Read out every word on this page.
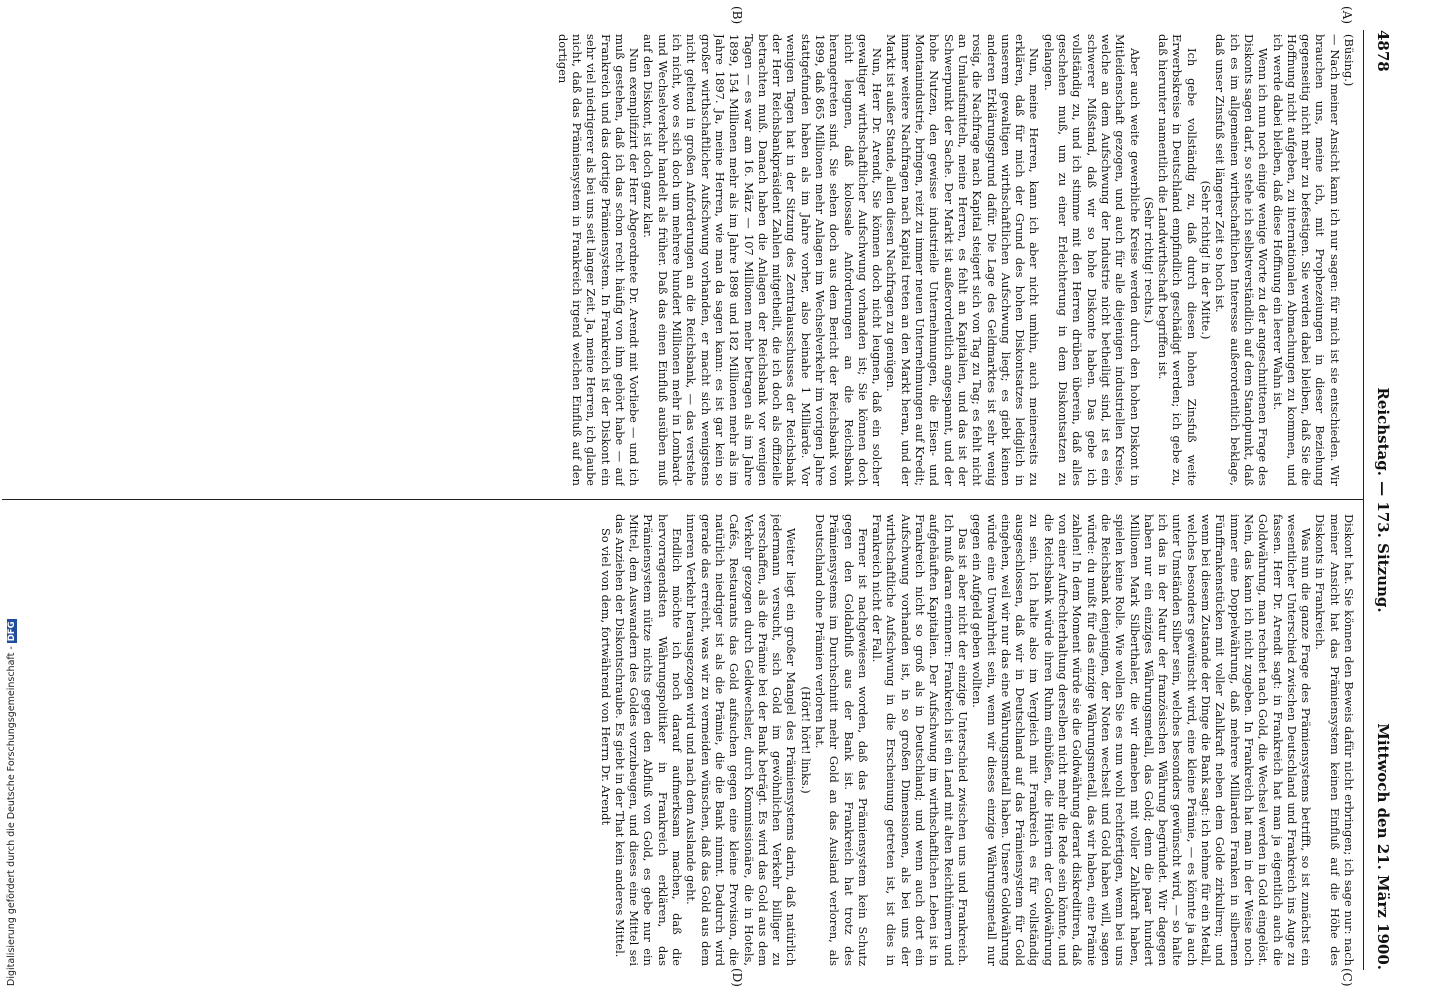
Reichstag. — 173. Sitzung.
4878
Mittwoch den 21. März 1900.
(A)
(B)
(C)
(D)

(Büsing.)

— Nach meiner Ansicht kann ich nur sagen: für mich ist sie entschieden. Wir brauchen uns, meine ich, mit Prophezeiungen in dieser Beziehung gegenseitig nicht mehr zu befestigen. Sie werden dabei bleiben, daß Sie die Hoffnung nicht aufgeben, zu internationalen Abmachungen zu kommen, und ich werde dabei bleiben, daß diese Hoffnung ein leerer Wahn ist.

Wenn ich nun noch einige wenige Worte zu der angeschnittenen Frage des Diskonts sagen darf, so stehe ich selbstverständlich auf dem Standpunkt, daß ich es im allgemeinen wirthschaftlichen Interesse außerordentlich beklage, daß unser Zinsfuß seit längerer Zeit so hoch ist.

(Sehr richtig! in der Mitte.)

Ich gebe vollständig zu, daß durch diesen hohen Zinsfuß weite Erwerbskreise in Deutschland empfindlich geschädigt werden; ich gebe zu, daß hierunter namentlich die Landwirthschaft begriffen ist.

(Sehr richtig! rechts.)

Aber auch weite gewerbliche Kreise werden durch den hohen Diskont in Mitleidenschaft gezogen, und auch für alle diejenigen industriellen Kreise, welche an dem Aufschwung der Industrie nicht betheiligt sind, ist es ein schwerer Mißstand, daß wir so hohe Diskonte haben. Das gebe ich vollständig zu, und ich stimme mit den Herren drüben überein, daß alles geschehen muß, um zu einer Erleichterung in dem Diskontsatzen zu gelangen.

Nun, meine Herren, kann ich aber nicht umhin, auch meinerseits zu erklären, daß für mich der Grund des hohen Diskontsatzes lediglich in unserem gewaltigen wirthschaftlichen Aufschwung liegt; es giebt keinen anderen Erklärungsgrund dafür. Die Lage des Geldmarktes ist sehr wenig rosig, die Nachfrage nach Kapital steigert sich von Tag zu Tag; es fehlt nicht an Umlaufsmitteln, meine Herren, es fehlt an Kapitalien, und das ist der Schwerpunkt der Sache. Der Markt ist außerordentlich angespannt, und der hohe Nutzen, den gewisse industrielle Unternehmungen, die Eisen- und Montanindustrie, bringen, reizt zu immer neuen Unternehmungen auf Kredit; immer weitere Nachfragen nach Kapital treten an den Markt heran, und der Markt ist außer Stande, allen diesen Nachfragen zu genügen.

Nun, Herr Dr. Arendt, Sie können doch nicht leugnen, daß ein solcher gewaltiger wirthschaftlicher Aufschwung vorhanden ist; Sie können doch nicht leugnen, daß kolossale Anforderungen an die Reichsbank herangetreten sind. Sie sehen doch aus dem Bericht der Reichsbank von 1899, daß 865 Millionen mehr Anlagen im Wechselverkehr im vorigen Jahre stattgefunden haben als im Jahre vorher, also beinahe 1 Milliarde. Vor wenigen Tagen hat in der Sitzung des Zentralausschusses der Reichsbank der Herr Reichsbankpräsident Zahlen mitgetheilt, die ich doch als offizielle betrachten muß. Danach haben die Anlagen der Reichsbank vor wenigen Tagen — es war am 16. März — 107 Millionen mehr betragen als im Jahre 1899, 154 Millionen mehr als im Jahre 1898 und 182 Millionen mehr als im Jahre 1897. Ja, meine Herren, wie man da sagen kann: es ist gar kein so großer wirthschaftlicher Aufschwung vorhanden, er macht sich wenigstens nicht geltend in großen Anforderungen an die Reichsbank, — das verstehe ich nicht, wo es sich doch um mehrere hundert Millionen mehr in Lombard- und Wechselverkehr handelt als früher. Daß das einen Einfluß ausüben muß auf den Diskont, ist doch ganz klar.

Nun exemplifizirt der Herr Abgeordnete Dr. Arendt mit Vorliebe — und ich muß gestehen, daß ich das schon recht häufig von ihm gehört habe — auf Frankreich und das dortige Prämiensystem. In Frankreich ist der Diskont ein sehr viel niedrigerer als bei uns seit langer Zeit. Ja, meine Herren, ich glaube nicht, daß das Prämiensystem in Frankreich irgend welchen Einfluß auf den dortigen

Diskont hat. Sie können den Beweis dafür nicht erbringen; ich sage nur: nach meiner Ansicht hat das Prämiensystem keinen Einfluß auf die Höhe des Diskonts in Frankreich.

Was nun die ganze Frage des Prämiensystems betrifft, so ist zunächst ein wesentlicher Unterschied zwischen Deutschland und Frankreich ins Auge zu fassen. Herr Dr. Arendt sagt: in Frankreich hat man ja eigentlich auch die Goldwährung, man rechnet nach Gold, die Wechsel werden in Gold eingelöst. Nein, das kann ich nicht zugeben. In Frankreich hat man in der Weise noch immer eine Doppelwährung, daß mehrere Milliarden Franken in silbernen Fünffrankenstücken mit voller Zahlkraft neben dem Golde zirkuliren; und wenn bei diesem Zustande der Dinge die Bank sagt: ich nehme für ein Metall, welches besonders gewünscht wird, eine kleine Prämie, — es könnte ja auch unter Umständen Silber sein, welches besonders gewünscht wird, — so halte ich das in der Natur der französischen Währung begründet. Wir dagegen haben nur ein einziges Währungsmetall, das Gold; denn die paar hundert Millionen Mark Silberthaler, die wir daneben mit voller Zahlkraft haben, spielen keine Rolle. Wie wollen Sie es nun wohl rechtfertigen, wenn bei uns die Reichsbank denjenigen, der Noten wechselt und Gold haben will, sagen würde: du mußt für das einzige Währungsmetall, das wir haben, eine Prämie zahlen! In dem Moment würde sie die Goldwährung derart diskreditiren, daß von einer Aufrechterhaltung derselben nicht mehr die Rede sein könnte, und die Reichsbank würde ihren Ruhm einbüßen, die Hüterin der Goldwährung zu sein. Ich halte also im Vergleich mit Frankreich es für vollständig ausgeschlossen, daß wir in Deutschland auf das Prämiensystem für Gold eingehen, weil wir nur das eine Währungsmetall haben. Unsere Goldwährung würde eine Unwahrheit sein, wenn wir dieses einzige Währungsmetall nur gegen ein Aufgeld geben wollten.

Das ist aber nicht der einzige Unterschied zwischen uns und Frankreich. Ich muß daran erinnern: Frankreich ist ein Land mit alten Reichthümern und aufgehäuften Kapitalien. Der Aufschwung im wirthschaftlichen Leben ist in Frankreich nicht so groß als in Deutschland; und wenn auch dort ein Aufschwung vorhanden ist, in so großen Dimensionen, als bei uns der wirthschaftliche Aufschwung in die Erscheinung getreten ist, ist dies in Frankreich nicht der Fall.

Ferner ist nachgewiesen worden, daß das Prämiensystem kein Schutz gegen den Goldabfluß aus der Bank ist. Frankreich hat trotz des Prämiensystems im Durchschnitt mehr Gold an das Ausland verloren, als Deutschland ohne Prämien verloren hat.

(Hört! hört! links.)

Weiter liegt ein großer Mangel des Prämiensystems darin, daß natürlich jedermann versucht, sich Gold im gewöhnlichen Verkehr billiger zu verschaffen, als die Prämie bei der Bank beträgt. Es wird das Gold aus dem Verkehr gezogen durch Geldwechsler, durch Kommissionäre, die in Hotels, Cafés, Restaurants das Gold aufsuchen gegen eine kleine Provision, die natürlich niedriger ist als die Prämie, die die Bank nimmt. Dadurch wird gerade das erreicht, was wir zu vermeiden wünschen, daß das Gold aus dem inneren Verkehr herausgezogen wird und nach dem Auslande geht.

Endlich möchte ich noch darauf aufmerksam machen, daß die hervorragendsten Währungspolitiker in Frankreich erklären, das Prämiensystem nütze nichts gegen den Abfluß von Gold, es gebe nur ein Mittel, dem Auswandern des Goldes vorzubeugen, und dieses eine Mittel sei das Anziehen der Diskontschraube. Es giebt in der That kein anderes Mittel.

So viel von dem, fortwährend von Herrn Dr. Arendt

Digitalisierung gefördert durch die Deutsche Forschungsgemeinschaft -DFG
